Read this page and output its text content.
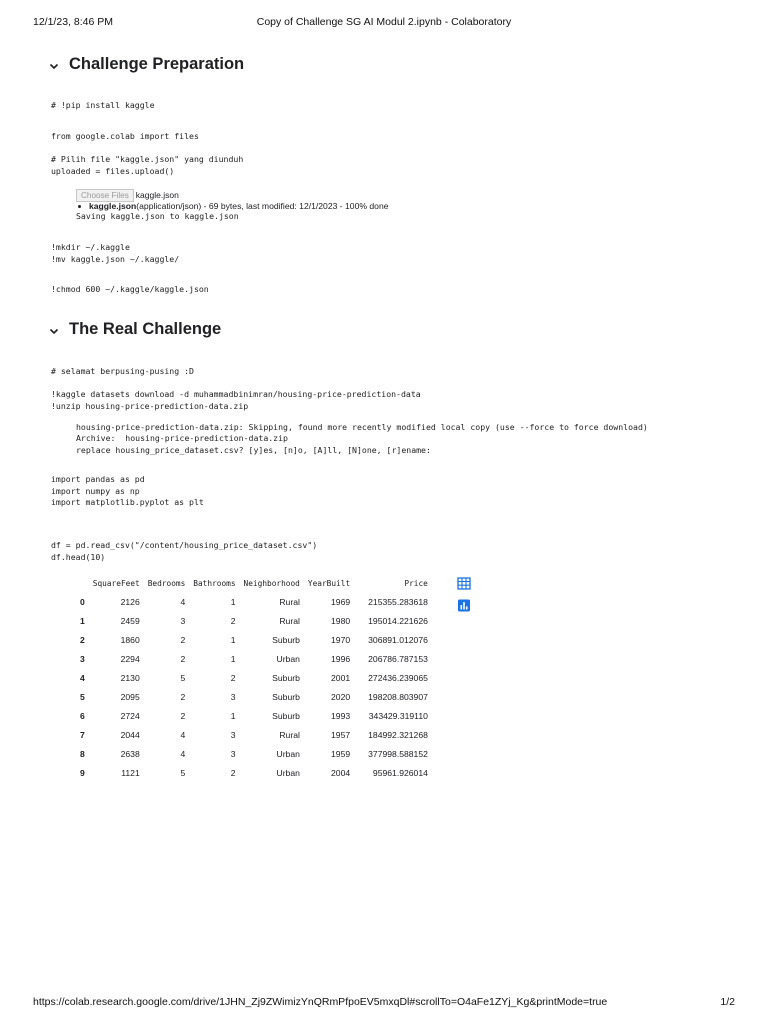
12/1/23, 8:46 PM	Copy of Challenge SG AI Modul 2.ipynb - Colaboratory
Challenge Preparation
# !pip install kaggle
from google.colab import files
# Pilih file "kaggle.json" yang diunduh
uploaded = files.upload()
Choose Files kaggle.json
kaggle.json(application/json) - 69 bytes, last modified: 12/1/2023 - 100% done
Saving kaggle.json to kaggle.json
!mkdir ~/.kaggle
!mv kaggle.json ~/.kaggle/
!chmod 600 ~/.kaggle/kaggle.json
The Real Challenge
# selamat berpusing-pusing :D
!kaggle datasets download -d muhammadbinimran/housing-price-prediction-data
!unzip housing-price-prediction-data.zip
housing-price-prediction-data.zip: Skipping, found more recently modified local copy (use --force to force download)
Archive:  housing-price-prediction-data.zip
replace housing_price_dataset.csv? [y]es, [n]o, [A]ll, [N]one, [r]ename:
import pandas as pd
import numpy as np
import matplotlib.pyplot as plt
df = pd.read_csv("/content/housing_price_dataset.csv")
df.head(10)
	SquareFeet	Bedrooms	Bathrooms	Neighborhood	YearBuilt	Price
0	2126	4	1	Rural	1969	215355.283618
1	2459	3	2	Rural	1980	195014.221626
2	1860	2	1	Suburb	1970	306891.012076
3	2294	2	1	Urban	1996	206786.787153
4	2130	5	2	Suburb	2001	272436.239065
5	2095	2	3	Suburb	2020	198208.803907
6	2724	2	1	Suburb	1993	343429.319110
7	2044	4	3	Rural	1957	184992.321268
8	2638	4	3	Urban	1959	377998.588152
9	1121	5	2	Urban	2004	95961.926014
https://colab.research.google.com/drive/1JHN_Zj9ZWimizYnQRmPfpoEV5mxqDl#scrollTo=O4aFe1ZYj_Kg&printMode=true	1/2
